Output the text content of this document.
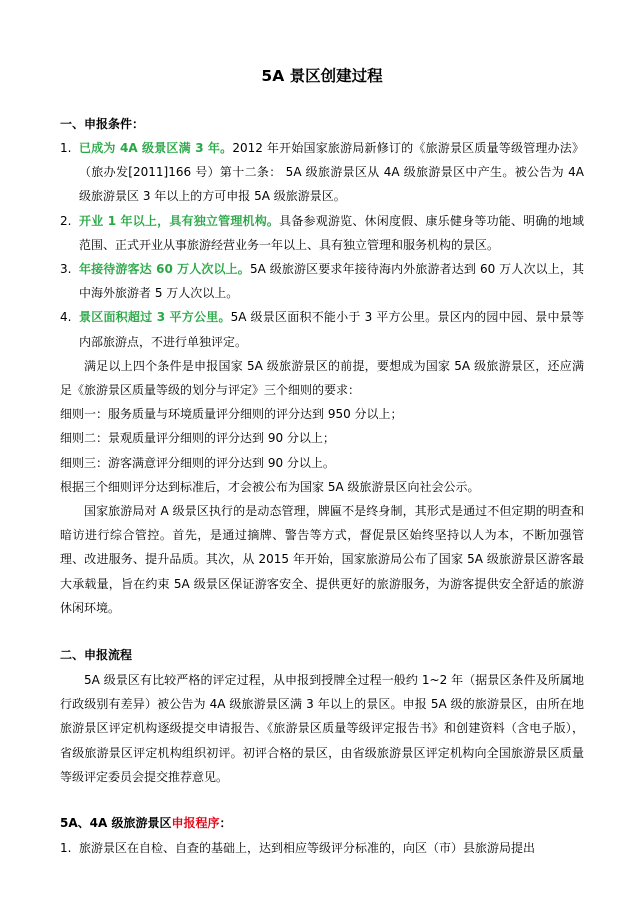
5A 景区创建过程
一、申报条件：

1. 已成为 4A 级景区满 3 年。2012 年开始国家旅游局新修订的《旅游景区质量等级管理办法》（旅办发[2011]166 号）第十二条： 5A 级旅游景区从 4A 级旅游景区中产生。被公告为 4A 级旅游景区 3 年以上的方可申报 5A 级旅游景区。

2. 开业 1 年以上，具有独立管理机构。具备参观游览、休闲度假、康乐健身等功能、明确的地域范围、正式开业从事旅游经营业务一年以上、具有独立管理和服务机构的景区。

3. 年接待游客达 60 万人次以上。5A 级旅游区要求年接待海内外旅游者达到 60 万人次以上，其中海外旅游者 5 万人次以上。

4. 景区面积超过 3 平方公里。5A 级景区面积不能小于 3 平方公里。景区内的园中园、景中景等内部旅游点，不进行单独评定。

满足以上四个条件是申报国家 5A 级旅游景区的前提，要想成为国家 5A 级旅游景区，还应满足《旅游景区质量等级的划分与评定》三个细则的要求：

细则一：服务质量与环境质量评分细则的评分达到 950 分以上；

细则二：景观质量评分细则的评分达到 90 分以上；

细则三：游客满意评分细则的评分达到 90 分以上。

根据三个细则评分达到标准后，才会被公布为国家 5A 级旅游景区向社会公示。

国家旅游局对 A 级景区执行的是动态管理，牌匾不是终身制，其形式是通过不但定期的明查和暗访进行综合管控。首先，是通过摘牌、警告等方式，督促景区始终坚持以人为本，不断加强管理、改进服务、提升品质。其次，从 2015 年开始，国家旅游局公布了国家 5A 级旅游景区游客最大承载量，旨在约束 5A 级景区保证游客安全、提供更好的旅游服务，为游客提供安全舒适的旅游休闲环境。

二、申报流程

5A 级景区有比较严格的评定过程，从申报到授牌全过程一般约 1~2 年（据景区条件及所属地行政级别有差异）被公告为 4A 级旅游景区满 3 年以上的景区。申报 5A 级的旅游景区，由所在地旅游景区评定机构逐级提交申请报告、《旅游景区质量等级评定报告书》和创建资料（含电子版），省级旅游景区评定机构组织初评。初评合格的景区，由省级旅游景区评定机构向全国旅游景区质量等级评定委员会提交推荐意见。

5A、4A 级旅游景区申报程序：

1. 旅游景区在自检、自查的基础上，达到相应等级评分标准的，向区（市）县旅游局提出
